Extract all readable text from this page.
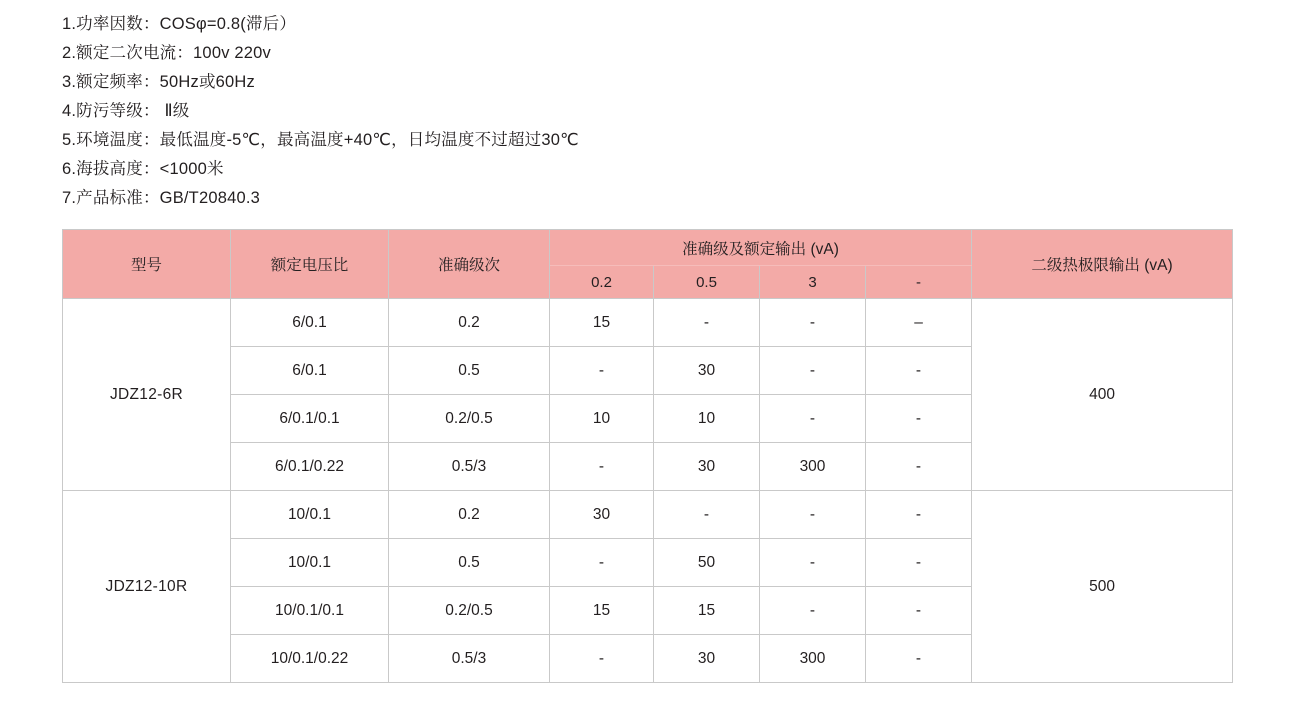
1.功率因数：COSφ=0.8(滞后）
2.额定二次电流：100v 220v
3.额定频率：50Hz或60Hz
4.防污等级： Ⅱ级
5.环境温度：最低温度-5℃，最高温度+40℃，日均温度不过超过30℃
6.海拔高度：<1000米
7.产品标准：GB/T20840.3
型号	额定电压比	准确级次	准确级及额定输出 (vA)				二级热极限输出 (vA)
			0.2	0.5	3	-	
JDZ12-6R	6/0.1	0.2	15	-	-	–	400
	6/0.1	0.5	-	30	-	-	
	6/0.1/0.1	0.2/0.5	10	10	-	-	
	6/0.1/0.22	0.5/3	-	30	300	-	
JDZ12-10R	10/0.1	0.2	30	-	-	-	500
	10/0.1	0.5	-	50	-	-	
	10/0.1/0.1	0.2/0.5	15	15	-	-	
	10/0.1/0.22	0.5/3	-	30	300	-	
